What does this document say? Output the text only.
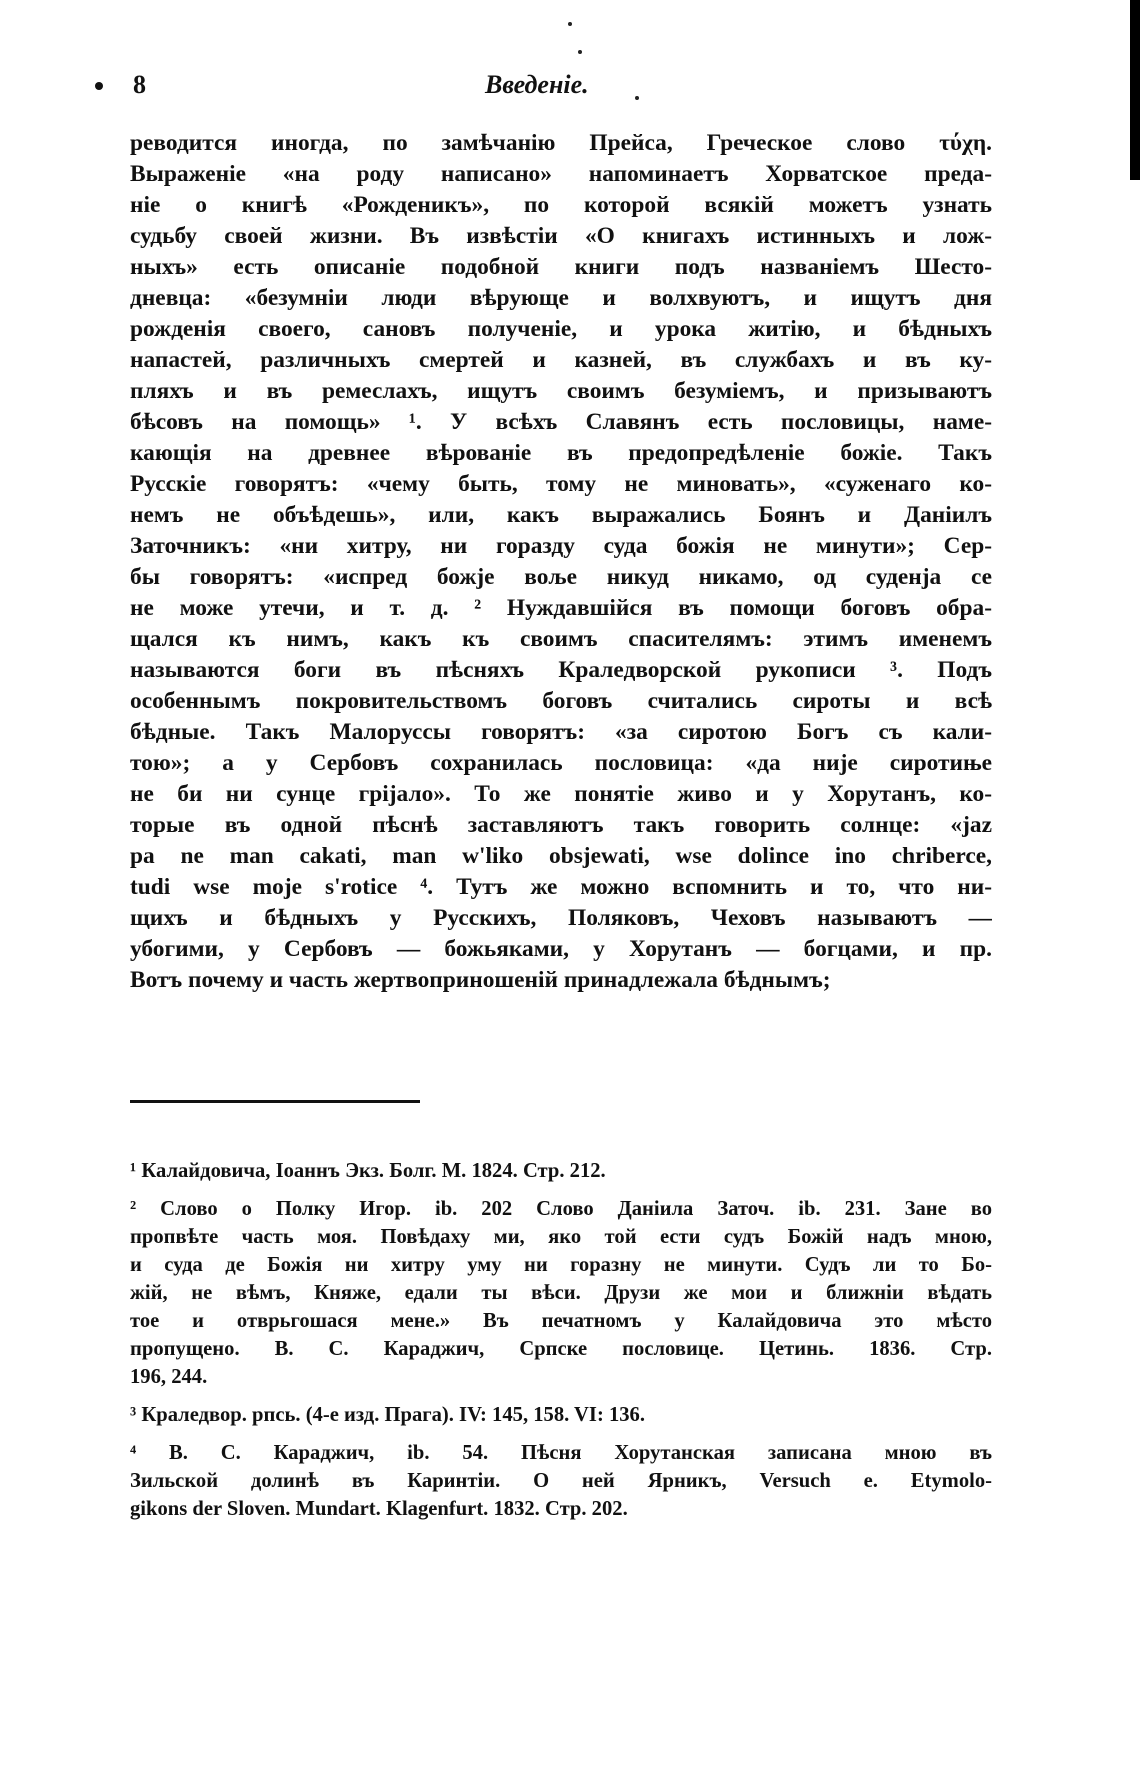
8	Введеніе.
реводится иногда, по замѣчанію Прейса, Греческое слово τύχη.
Выраженіе «на роду написано» напоминаетъ Хорватское преда-
ніе о книгѣ «Рожденикъ», по которой всякій можетъ узнать
судьбу своей жизни. Въ извѣстіи «О книгахъ истинныхъ и лож-
ныхъ» есть описаніе подобной книги подъ названіемъ Шесто-
дневца: «безумніи люди вѣрующе и волхвуютъ, и ищутъ дня
рожденія своего, сановъ полученіе, и урока житію, и бѣдныхъ
напастей, различныхъ смертей и казней, въ службахъ и въ ку-
пляхъ и въ ремеслахъ, ищутъ своимъ безуміемъ, и призываютъ
бѣсовъ на помощь» ¹. У всѣхъ Славянъ есть пословицы, наме-
кающія на древнее вѣрованіе въ предопредѣленіе божіе. Такъ
Русскіе говорятъ: «чему быть, тому не миновать», «суженаго ко-
немъ не объѣдешь», или, какъ выражались Боянъ и Даніилъ
Заточникъ: «ни хитру, ни горазду суда божія не минути»; Сер-
бы говорятъ: «испред божје воље никуд никамо, од суденја се
не може утечи, и т. д. ² Нуждавшійся въ помощи боговъ обра-
щался къ нимъ, какъ къ своимъ спасителямъ: этимъ именемъ
называются боги въ пѣсняхъ Краледворской рукописи ³. Подъ
особеннымъ покровительствомъ боговъ считались сироты и всѣ
бѣдные. Такъ Малоруссы говорятъ: «за сиротою Богъ съ кали-
тою»; а у Сербовъ сохранилась пословица: «да није сиротиње
не би ни сунце грijало». То же понятіе живо и у Хорутанъ, ко-
торые въ одной пѣснѣ заставляютъ такъ говорить солнце: «jaz
pa ne man cakati, man w'liko obsjewati, wse dolince ino chriberce,
tudi wse moje s'rotice ⁴. Тутъ же можно вспомнить и то, что ни-
щихъ и бѣдныхъ у Русскихъ, Поляковъ, Чеховъ называютъ —
убогими, у Сербовъ — божьяками, у Хорутанъ — богцами, и пр.
Вотъ почему и часть жертвоприношеній принадлежала бѣднымъ;
¹ Калайдовича, Іоаннъ Экз. Болг. М. 1824. Стр. 212.
² Слово о Полку Игор. ib. 202 Слово Даніила Заточ. ib. 231. Зане во
пропвѣте часть моя. Повѣдаху ми, яко той ести судъ Божій надъ мною,
и суда де Божія ни хитру уму ни горазну не минути. Судъ ли то Бо-
жій, не вѣмъ, Княже, едали ты вѣси. Друзи же мои и ближніи вѣдать
тое и отврьгошася мене.» Въ печатномъ у Калайдовича это мѣсто
пропущено. В. С. Караджич, Српске пословице. Цетинь. 1836. Стр.
196, 244.
³ Краледвор. рпсь. (4-е изд. Прага). IV: 145, 158. VI: 136.
⁴ В. С. Караджич, ib. 54. Пѣсня Хорутанская записана мною въ
Зильской долинѣ въ Каринтіи. О ней Ярникъ, Versuch e. Etymolo-
gikons der Sloven. Mundart. Klagenfurt. 1832. Стр. 202.
